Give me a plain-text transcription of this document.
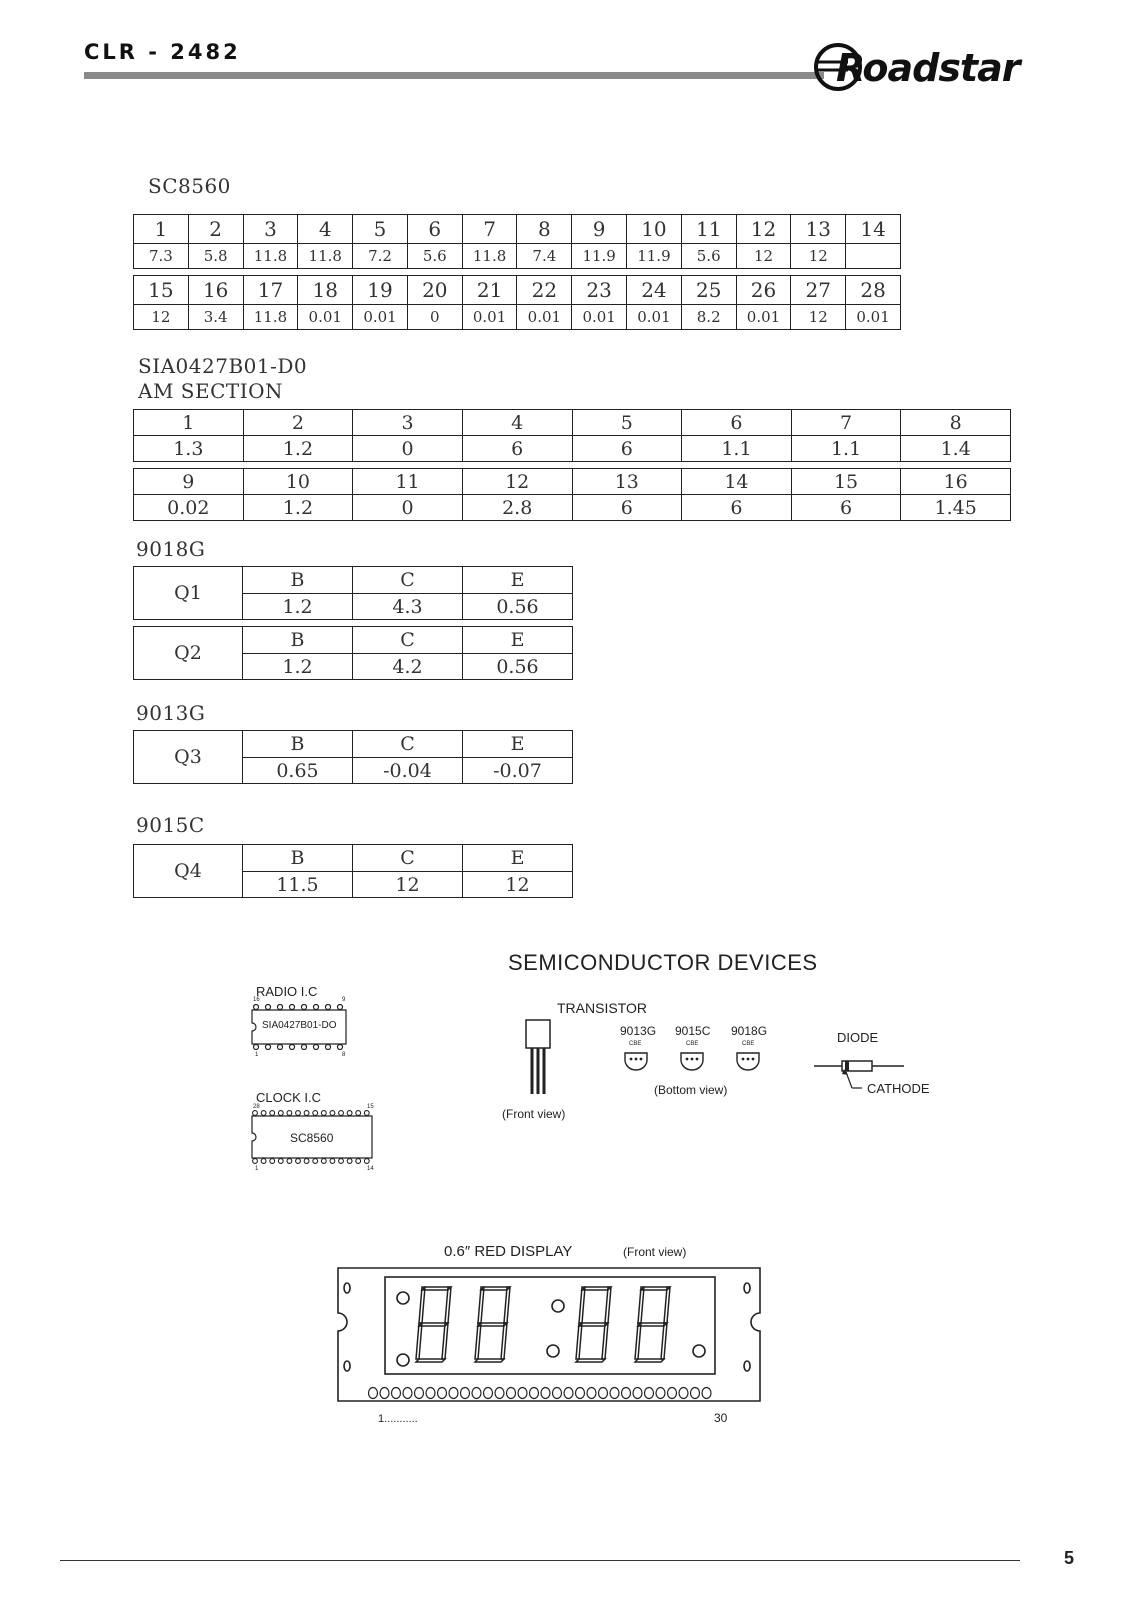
CLR - 2482	Roadstar
SC8560
1	2	3	4	5	6	7	8	9	10	11	12	13	14
7.3	5.8	11.8	11.8	7.2	5.6	11.8	7.4	11.9	11.9	5.6	12	12	

15	16	17	18	19	20	21	22	23	24	25	26	27	28
12	3.4	11.8	0.01	0.01	0	0.01	0.01	0.01	0.01	8.2	0.01	12	0.01
SIA0427B01-D0
AM SECTION
1	2	3	4	5	6	7	8
1.3	1.2	0	6	6	1.1	1.1	1.4

9	10	11	12	13	14	15	16
0.02	1.2	0	2.8	6	6	6	1.45
9018G
Q1	B	C	E
	1.2	4.3	0.56

Q2	B	C	E
	1.2	4.2	0.56
9013G
Q3	B	C	E
	0.65	-0.04	-0.07
9015C
Q4	B	C	E
	11.5	12	12
SEMICONDUCTOR DEVICES
RADIO I.C
16	9
SIA0427B01-DO
1	8
CLOCK I.C
28	15
SC8560
1	14
TRANSISTOR
(Front view)
9013G 9015C 9018G
CBE	CBE	CBE
(Bottom view)
DIODE
CATHODE
0.6″ RED DISPLAY	(Front view)
1...........	30
5
